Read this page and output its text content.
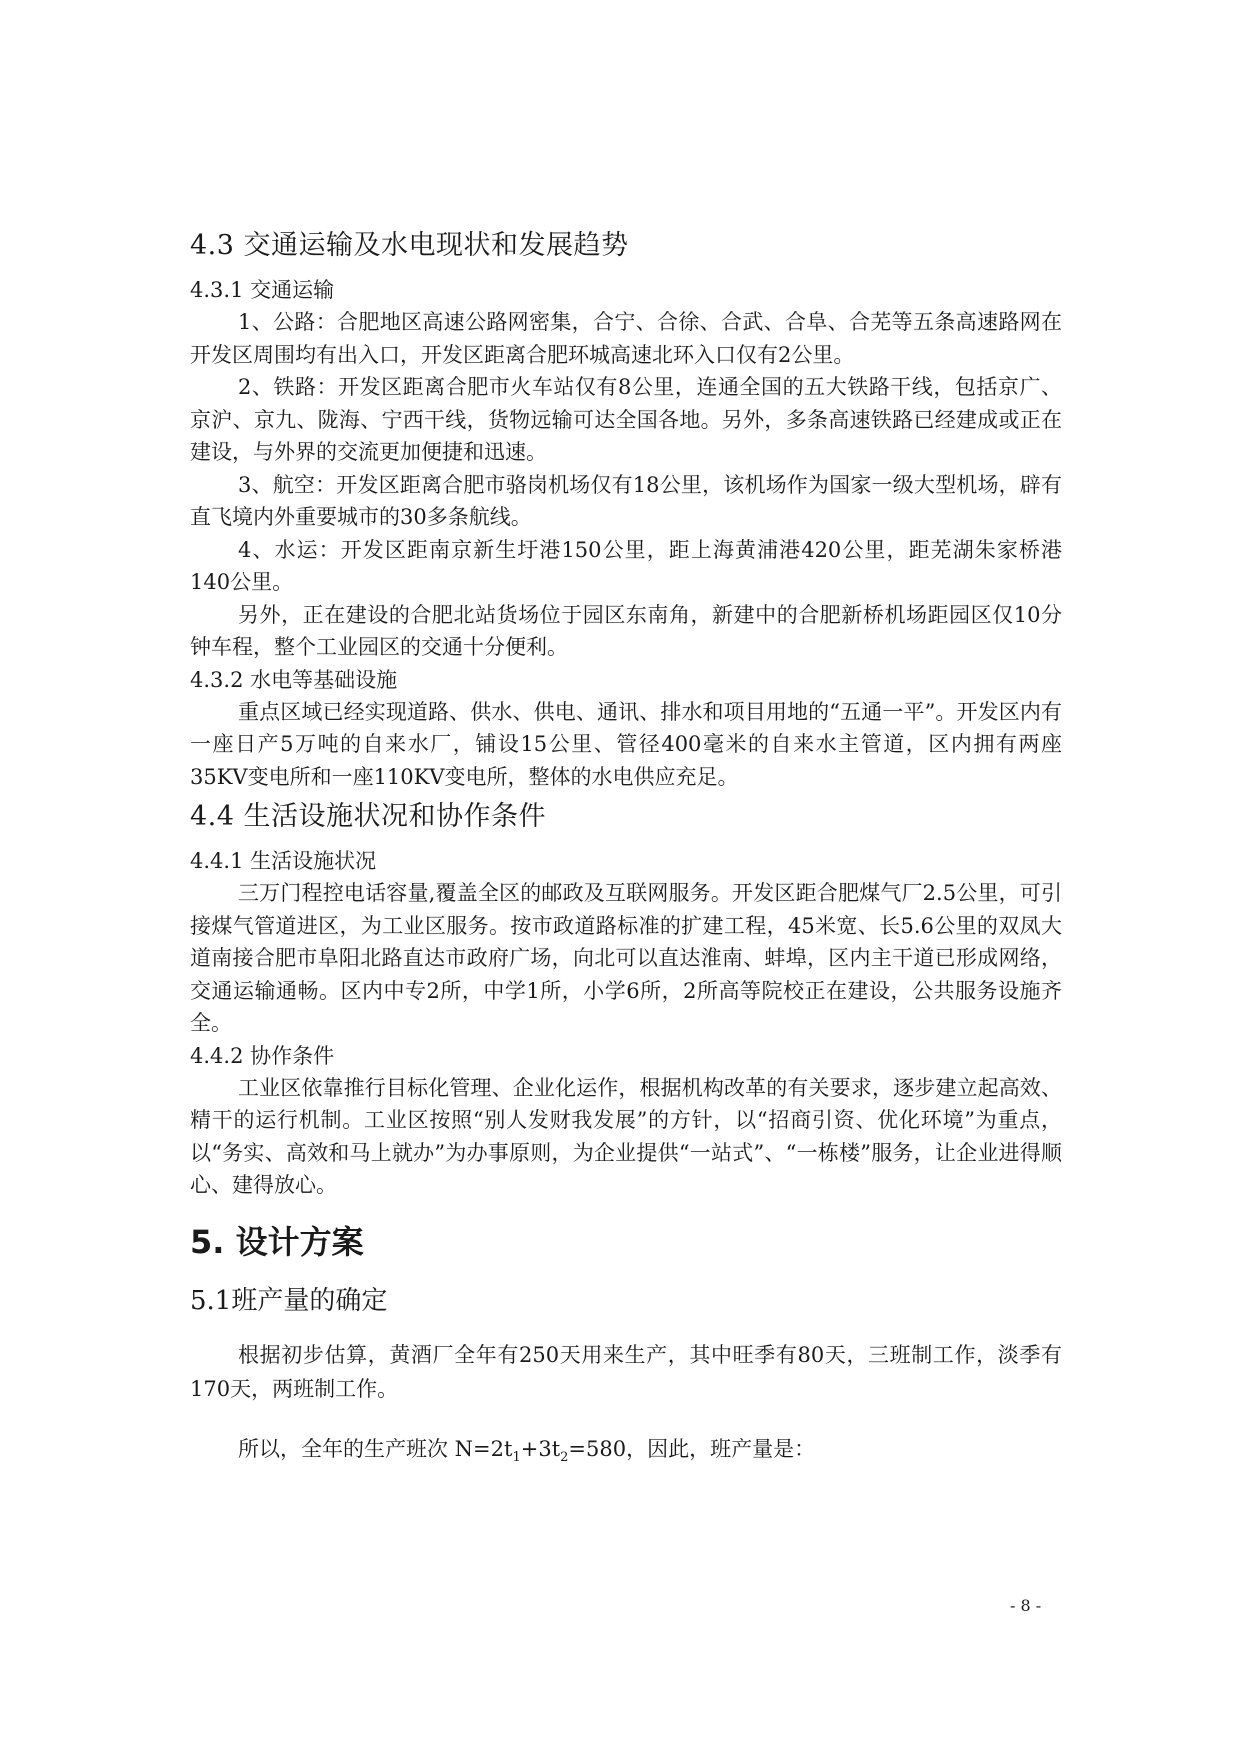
4.3 交通运输及水电现状和发展趋势
4.3.1 交通运输

1、公路：合肥地区高速公路网密集，合宁、合徐、合武、合阜、合芜等五条高速路网在开发区周围均有出入口，开发区距离合肥环城高速北环入口仅有2公里。

2、铁路：开发区距离合肥市火车站仅有8公里，连通全国的五大铁路干线，包括京广、京沪、京九、陇海、宁西干线，货物远输可达全国各地。另外，多条高速铁路已经建成或正在建设，与外界的交流更加便捷和迅速。

3、航空：开发区距离合肥市骆岗机场仅有18公里，该机场作为国家一级大型机场，辟有直飞境内外重要城市的30多条航线。

4、水运：开发区距南京新生圩港150公里，距上海黄浦港420公里，距芜湖朱家桥港140公里。

另外，正在建设的合肥北站货场位于园区东南角，新建中的合肥新桥机场距园区仅10分钟车程，整个工业园区的交通十分便利。

4.3.2 水电等基础设施

重点区域已经实现道路、供水、供电、通讯、排水和项目用地的“五通一平”。开发区内有一座日产5万吨的自来水厂，铺设15公里、管径400毫米的自来水主管道，区内拥有两座35KV变电所和一座110KV变电所，整体的水电供应充足。

4.4 生活设施状况和协作条件
4.4.1 生活设施状况

三万门程控电话容量,覆盖全区的邮政及互联网服务。开发区距合肥煤气厂2.5公里，可引接煤气管道进区，为工业区服务。按市政道路标准的扩建工程，45米宽、长5.6公里的双凤大道南接合肥市阜阳北路直达市政府广场，向北可以直达淮南、蚌埠，区内主干道已形成网络，交通运输通畅。区内中专2所，中学1所，小学6所，2所高等院校正在建设，公共服务设施齐全。

4.4.2 协作条件

工业区依靠推行目标化管理、企业化运作，根据机构改革的有关要求，逐步建立起高效、精干的运行机制。工业区按照“别人发财我发展”的方针，以“招商引资、优化环境”为重点，以“务实、高效和马上就办”为办事原则，为企业提供“一站式”、“一栋楼”服务，让企业进得顺心、建得放心。

5. 设计方案
5.1班产量的确定

根据初步估算，黄酒厂全年有250天用来生产，其中旺季有80天，三班制工作，淡季有170天，两班制工作。

所以，全年的生产班次 $N=2t_1+3t_2=580$，因此，班产量是：

- 8 -
